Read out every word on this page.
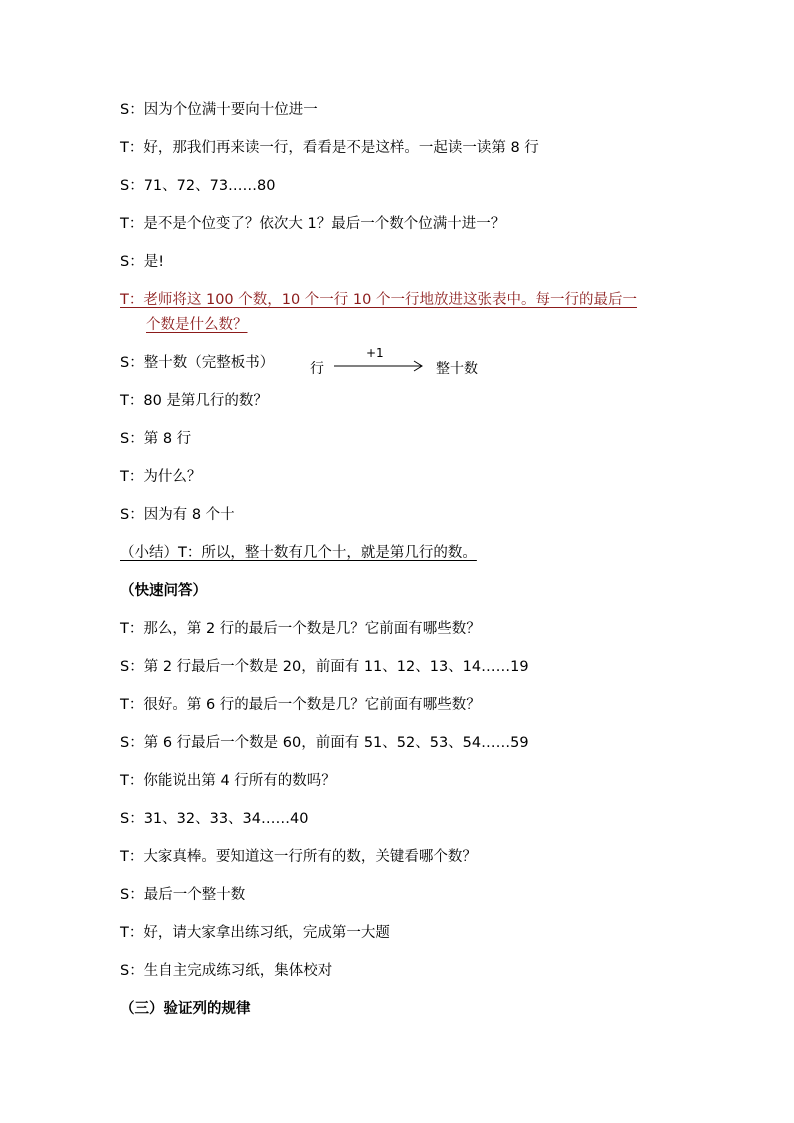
S：因为个位满十要向十位进一
T：好，那我们再来读一行，看看是不是这样。一起读一读第 8 行
S：71、72、73……80
T：是不是个位变了？依次大 1？最后一个数个位满十进一？
S：是!
T：老师将这 100 个数，10 个一行 10 个一行地放进这张表中。每一行的最后一
个数是什么数？
S：整十数（完整板书）	行
+1
整十数
T：80 是第几行的数？
S：第 8 行
T：为什么？
S：因为有 8 个十
（小结）T：所以，整十数有几个十，就是第几行的数。
（快速问答）
T：那么，第 2 行的最后一个数是几？它前面有哪些数？
S：第 2 行最后一个数是 20，前面有 11、12、13、14……19
T：很好。第 6 行的最后一个数是几？它前面有哪些数？
S：第 6 行最后一个数是 60，前面有 51、52、53、54……59
T：你能说出第 4 行所有的数吗？
S：31、32、33、34……40
T：大家真棒。要知道这一行所有的数，关键看哪个数？
S：最后一个整十数
T：好，请大家拿出练习纸，完成第一大题
S：生自主完成练习纸，集体校对
（三）验证列的规律
